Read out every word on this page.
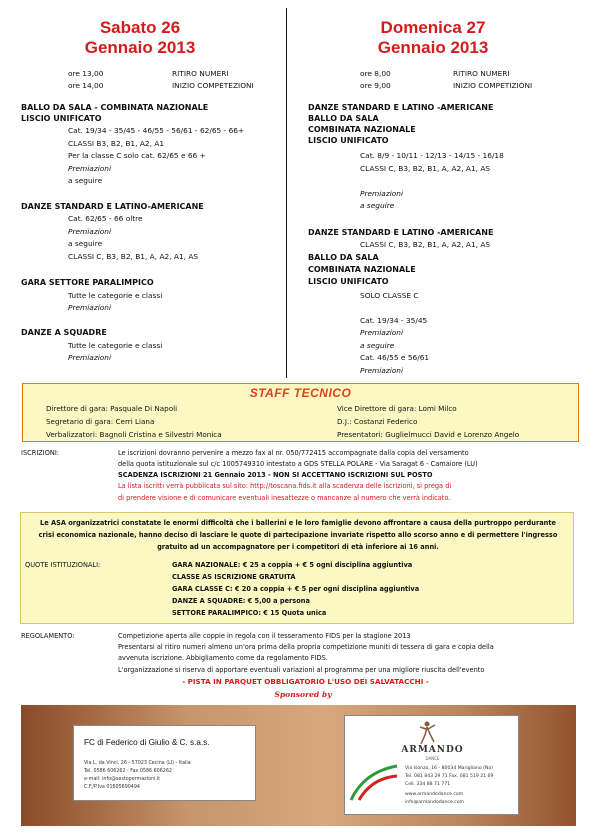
Sabato 26
Gennaio 2013
ore 13,00	RITIRO NUMERI
ore 14,00	INIZIO COMPETEZIONI
BALLO DA SALA - COMBINATA NAZIONALE
LISCIO UNIFICATO
Cat. 19/34 - 35/45 - 46/55 - 56/61 - 62/65 - 66+
CLASSI B3, B2, B1, A2, A1
Per la classe C solo cat. 62/65 e 66 +
Premiazioni
a seguire
DANZE STANDARD E LATINO-AMERICANE
Cat. 62/65 - 66 oltre
Premiazioni
a seguire
CLASSI C, B3, B2, B1, A, A2, A1, AS
GARA SETTORE PARALIMPICO
Tutte le categorie e classi
Premiazioni
DANZE A SQUADRE
Tutte le categorie e classi
Premiazioni
Domenica 27
Gennaio 2013
ore 8,00	RITIRO NUMERI
ore 9,00	INIZIO COMPETIZIONI
DANZE STANDARD E LATINO -AMERICANE
BALLO DA SALA
COMBINATA NAZIONALE
LISCIO UNIFICATO
Cat. 8/9 - 10/11 - 12/13 - 14/15 - 16/18
CLASSI C, B3, B2, B1, A, A2, A1, AS
Premiazioni
a seguire
DANZE STANDARD E LATINO -AMERICANE
CLASSI C, B3, B2, B1, A, A2, A1, AS
BALLO DA SALA
COMBINATA NAZIONALE
LISCIO UNIFICATO
SOLO CLASSE C
Cat. 19/34 - 35/45
Premiazioni
a seguire
Cat. 46/55 e 56/61
Premiazioni
STAFF TECNICO
Direttore di gara: Pasquale Di Napoli	Vice Direttore di gara: Lomi Milco
Segretario di gara: Cerri Liana	D.J.: Costanzi Federico
Verbalizzatori: Bagnoli Cristina e Silvestri Monica	Presentatori: Guglielmucci David e Lorenzo Angelo
ISCRIZIONI:	Le iscrizioni dovranno pervenire a mezzo fax al nr. 050/772415 accompagnate dalla copia del versamento
della quota istituzionale sul c/c 1005749310 intestato a GDS STELLA POLARE - Via Saragat 6 - Camaiore (LU)
SCADENZA ISCRIZIONI 21 Gennaio 2013 - NON SI ACCETTANO ISCRIZIONI SUL POSTO
La lista iscritti verrà pubblicata sul sito: http://toscana.fids.it alla scadenza delle iscrizioni, si prega di
di prendere visione e di comunicare eventuali inesattezze o mancanze al numero che verrà indicato.
Le ASA organizzatrici constatate le enormi difficoltà che i ballerini e le loro famiglie devono affrontare a causa della purtroppo perdurante
crisi economica nazionale, hanno deciso di lasciare le quote di partecipazione invariate rispetto allo scorso anno e di permettere l'ingresso
gratuito ad un accompagnatore per i competitori di età inferiore ai 16 anni.
QUOTE ISTITUZIONALI:	GARA NAZIONALE: € 25 a coppia + € 5 ogni disciplina aggiuntiva
CLASSE AS ISCRIZIONE GRATUITA
GARA CLASSE C: € 20 a coppia + € 5 per ogni disciplina aggiuntiva
DANZE A SQUADRE: € 5,00 a persona
SETTORE PARALIMPICO: € 15 Quota unica
REGOLAMENTO:	Competizione aperta alle coppie in regola con il tesseramento FIDS per la stagione 2013
Presentarsi al ritiro numeri almeno un'ora prima della propria competizione muniti di tessera di gara e copia della
avvenuta iscrizione. Abbigliamento come da regolamento FIDS.
L'organizzazione si riserva di apportare eventuali variazioni al programma per una migliore riuscita dell'evento
- PISTA IN PARQUET OBBLIGATORIO L'USO DEI SALVATACCHI -
Sponsored by
FC di Federico di Giulio & C. s.a.s.
Via L. da Vinci, 26 - 57023 Cecina (LI) - Italia
Tel. 0586 606262 - Fax 0586 606262
e-mail: info@sestopermazioni.it
C.F./P.Iva 01605690494
ARMANDO
DANCE
Via Isonzo, 16 - 80034 Marigliano (Na)
Tel. 081 843 29 71 Fax. 081 519 21 69
Cell. 334 88 71 771
www.armandodance.com
info@armandodance.com
